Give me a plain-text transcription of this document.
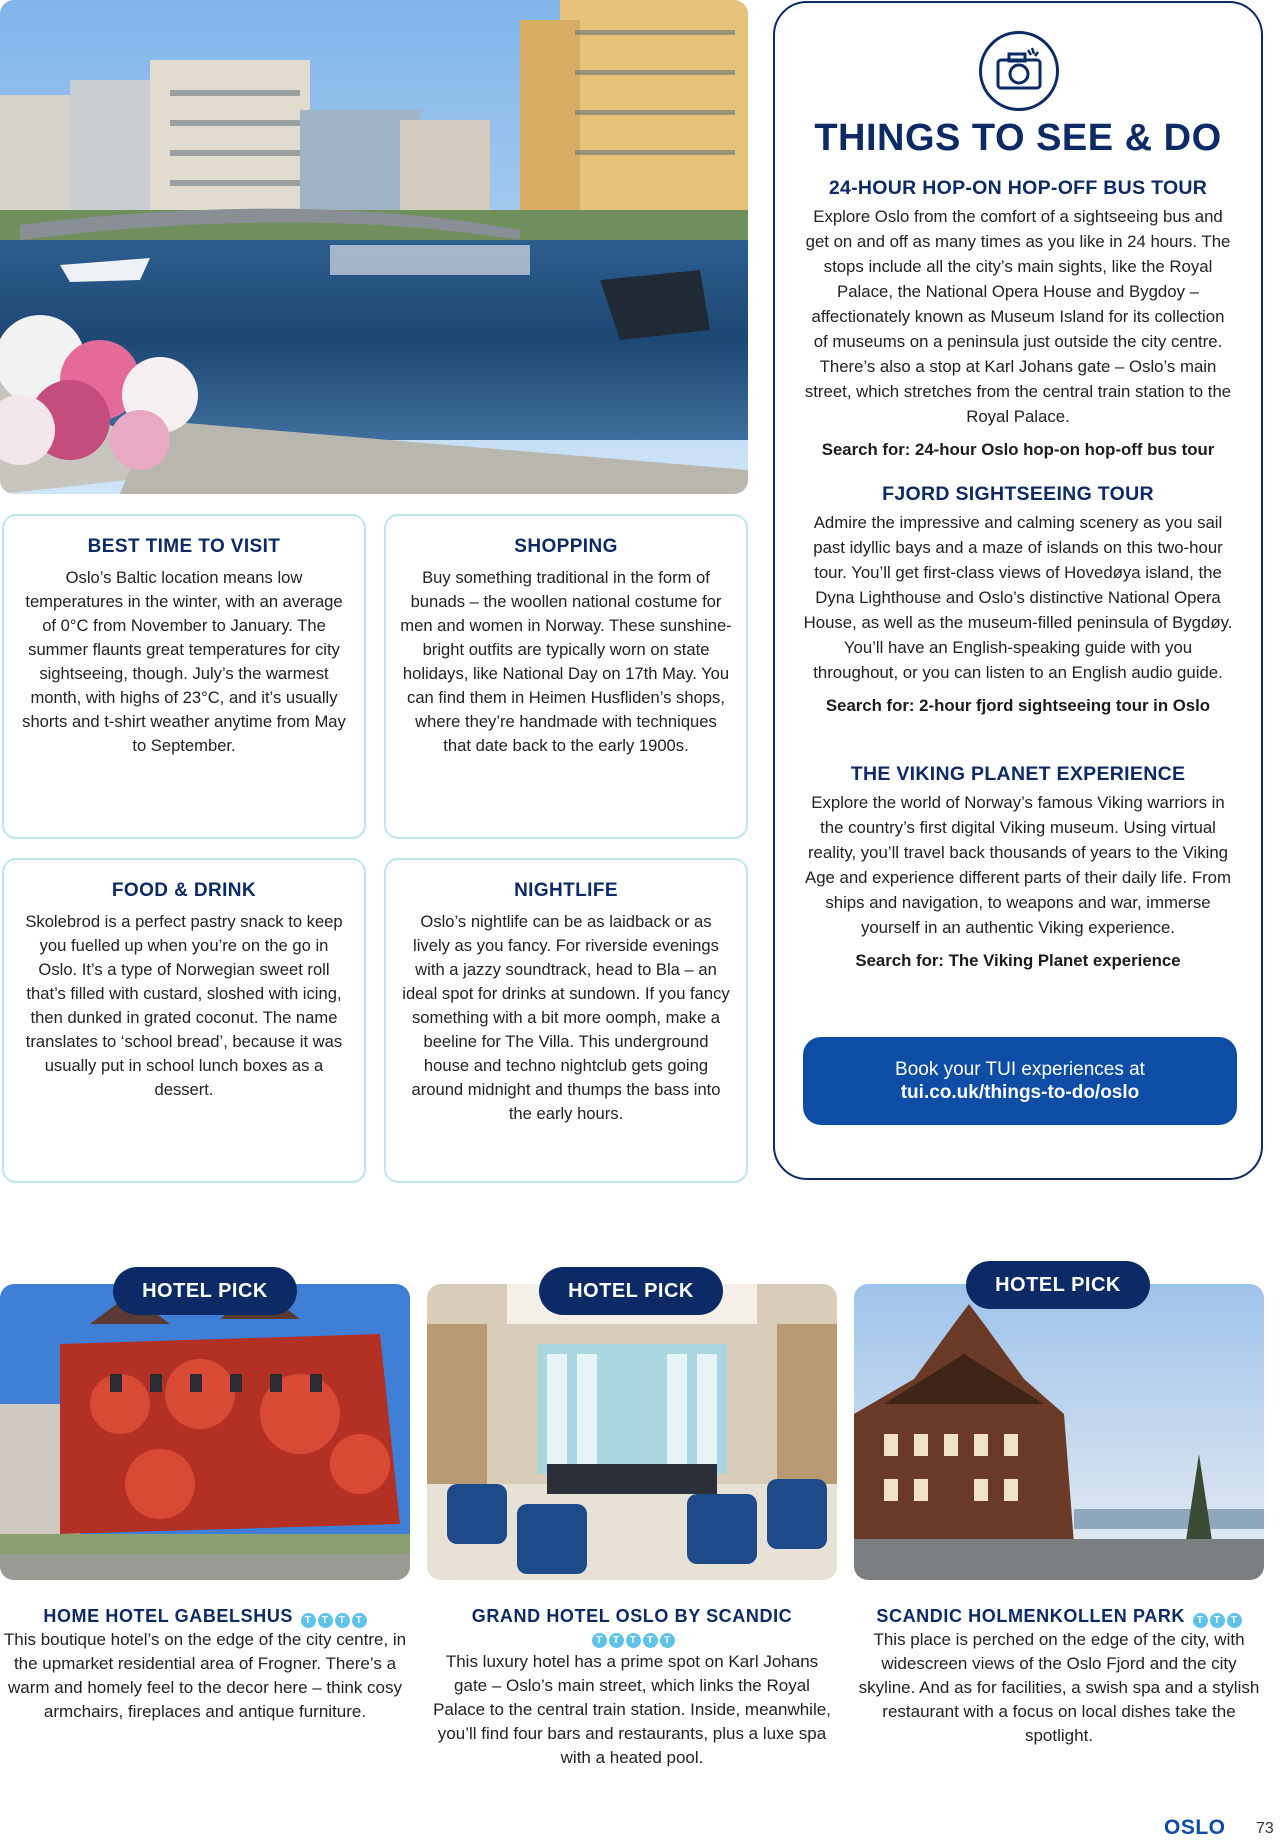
BEST TIME TO VISIT

Oslo’s Baltic location means low temperatures in the winter, with an average of 0°C from November to January. The summer flaunts great temperatures for city sightseeing, though. July’s the warmest month, with highs of 23°C, and it’s usually shorts and t-shirt weather anytime from May to September.

SHOPPING

Buy something traditional in the form of bunads – the woollen national costume for men and women in Norway. These sunshine-bright outfits are typically worn on state holidays, like National Day on 17th May. You can find them in Heimen Husfliden’s shops, where they’re handmade with techniques that date back to the early 1900s.

FOOD & DRINK

Skolebrod is a perfect pastry snack to keep you fuelled up when you’re on the go in Oslo. It’s a type of Norwegian sweet roll that’s filled with custard, sloshed with icing, then dunked in grated coconut. The name translates to ‘school bread’, because it was usually put in school lunch boxes as a dessert.

NIGHTLIFE

Oslo’s nightlife can be as laidback or as lively as you fancy. For riverside evenings with a jazzy soundtrack, head to Bla – an ideal spot for drinks at sundown. If you fancy something with a bit more oomph, make a beeline for The Villa. This underground house and techno nightclub gets going around midnight and thumps the bass into the early hours.

THINGS TO SEE & DO
24-HOUR HOP-ON HOP-OFF BUS TOUR

Explore Oslo from the comfort of a sightseeing bus and get on and off as many times as you like in 24 hours. The stops include all the city’s main sights, like the Royal Palace, the National Opera House and Bygdoy – affectionately known as Museum Island for its collection of museums on a peninsula just outside the city centre. There’s also a stop at Karl Johans gate – Oslo’s main street, which stretches from the central train station to the Royal Palace.

Search for: 24-hour Oslo hop-on hop-off bus tour

FJORD SIGHTSEEING TOUR

Admire the impressive and calming scenery as you sail past idyllic bays and a maze of islands on this two-hour tour. You’ll get first-class views of Hovedøya island, the Dyna Lighthouse and Oslo’s distinctive National Opera House, as well as the museum-filled peninsula of Bygdøy. You’ll have an English-speaking guide with you throughout, or you can listen to an English audio guide.

Search for: 2-hour fjord sightseeing tour in Oslo

THE VIKING PLANET EXPERIENCE

Explore the world of Norway’s famous Viking warriors in the country’s first digital Viking museum. Using virtual reality, you’ll travel back thousands of years to the Viking Age and experience different parts of their daily life. From ships and navigation, to weapons and war, immerse yourself in an authentic Viking experience.

Search for: The Viking Planet experience

Book your TUI experiences at
tui.co.uk/things-to-do/oslo
HOTEL PICK
HOME HOTEL GABELSHUS T T T T

This boutique hotel’s on the edge of the city centre, in the upmarket residential area of Frogner. There’s a warm and homely feel to the decor here – think cosy armchairs, fireplaces and antique furniture.

HOTEL PICK
GRAND HOTEL OSLO BY SCANDIC
T T T T T

This luxury hotel has a prime spot on Karl Johans gate – Oslo’s main street, which links the Royal Palace to the central train station. Inside, meanwhile, you’ll find four bars and restaurants, plus a luxe spa with a heated pool.

HOTEL PICK
SCANDIC HOLMENKOLLEN PARK T T T

This place is perched on the edge of the city, with widescreen views of the Oslo Fjord and the city skyline. And as for facilities, a swish spa and a stylish restaurant with a focus on local dishes take the spotlight.

OSLO 73
